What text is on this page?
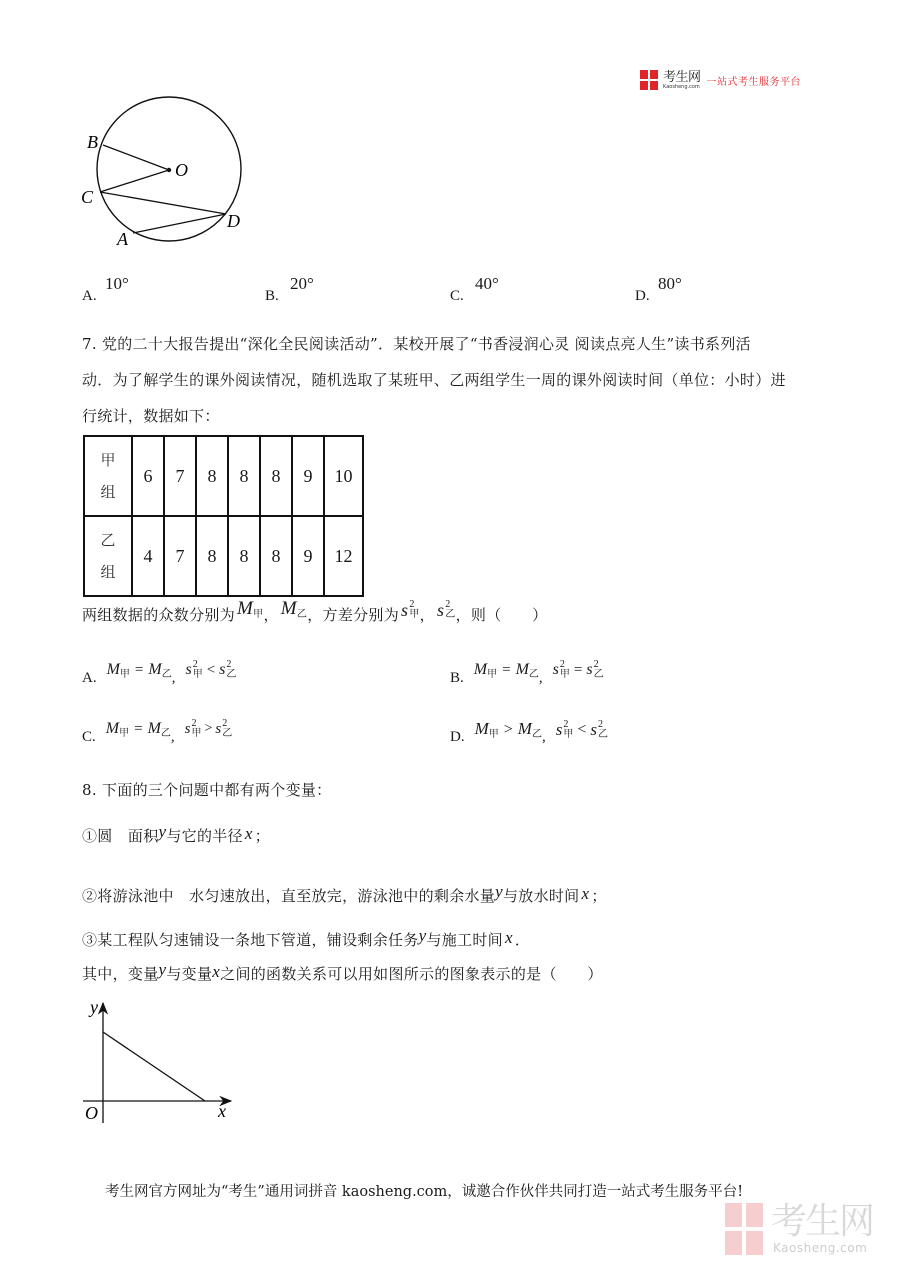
考生网
Kaosheng.com 一站式考生服务平台
B
O
C
D
A
A.
10°
B.
20°
C.
40°
D.
80°
7. 党的二十大报告提出“深化全民阅读活动”．某校开展了“书香浸润心灵 阅读点亮人生”读书系列活
动．为了解学生的课外阅读情况，随机选取了某班甲、乙两组学生一周的课外阅读时间（单位：小时）进
行统计，数据如下：
甲
组	6	7	8	8	8	9	10

乙
组	4	7	8	8	8	9	12
两组数据的众数分别为 $M_甲$ ， $M_乙$ ，方差分别为 s 2
甲 ， s 2
乙 ，则（　　）
A. $M_甲 = M_乙$ , s 2
甲 < s 2
乙	B. $M_甲 = M_乙$ , s 2
甲 = s 2
乙
C. $M_甲 = M_乙$ , s 2
甲 > s 2
乙	D. $M_甲 > M_乙$ , s 2
甲 < s 2
乙
8. 下面的三个问题中都有两个变量：
①圆　面积y与它的半径 x ；
②将游泳池中　水匀速放出，直至放完，游泳池中的剩余水量y与放水时间 x ；
③某工程队匀速铺设一条地下管道，铺设剩余任务y与施工时间 x ．
其中，变量y与变量x之间的函数关系可以用如图所示的图象表示的是（　　）
y
x
O
考生网官方网址为“考生”通用词拼音 kaosheng.com，诚邀合作伙伴共同打造一站式考生服务平台!
考生网
Kaosheng.com
